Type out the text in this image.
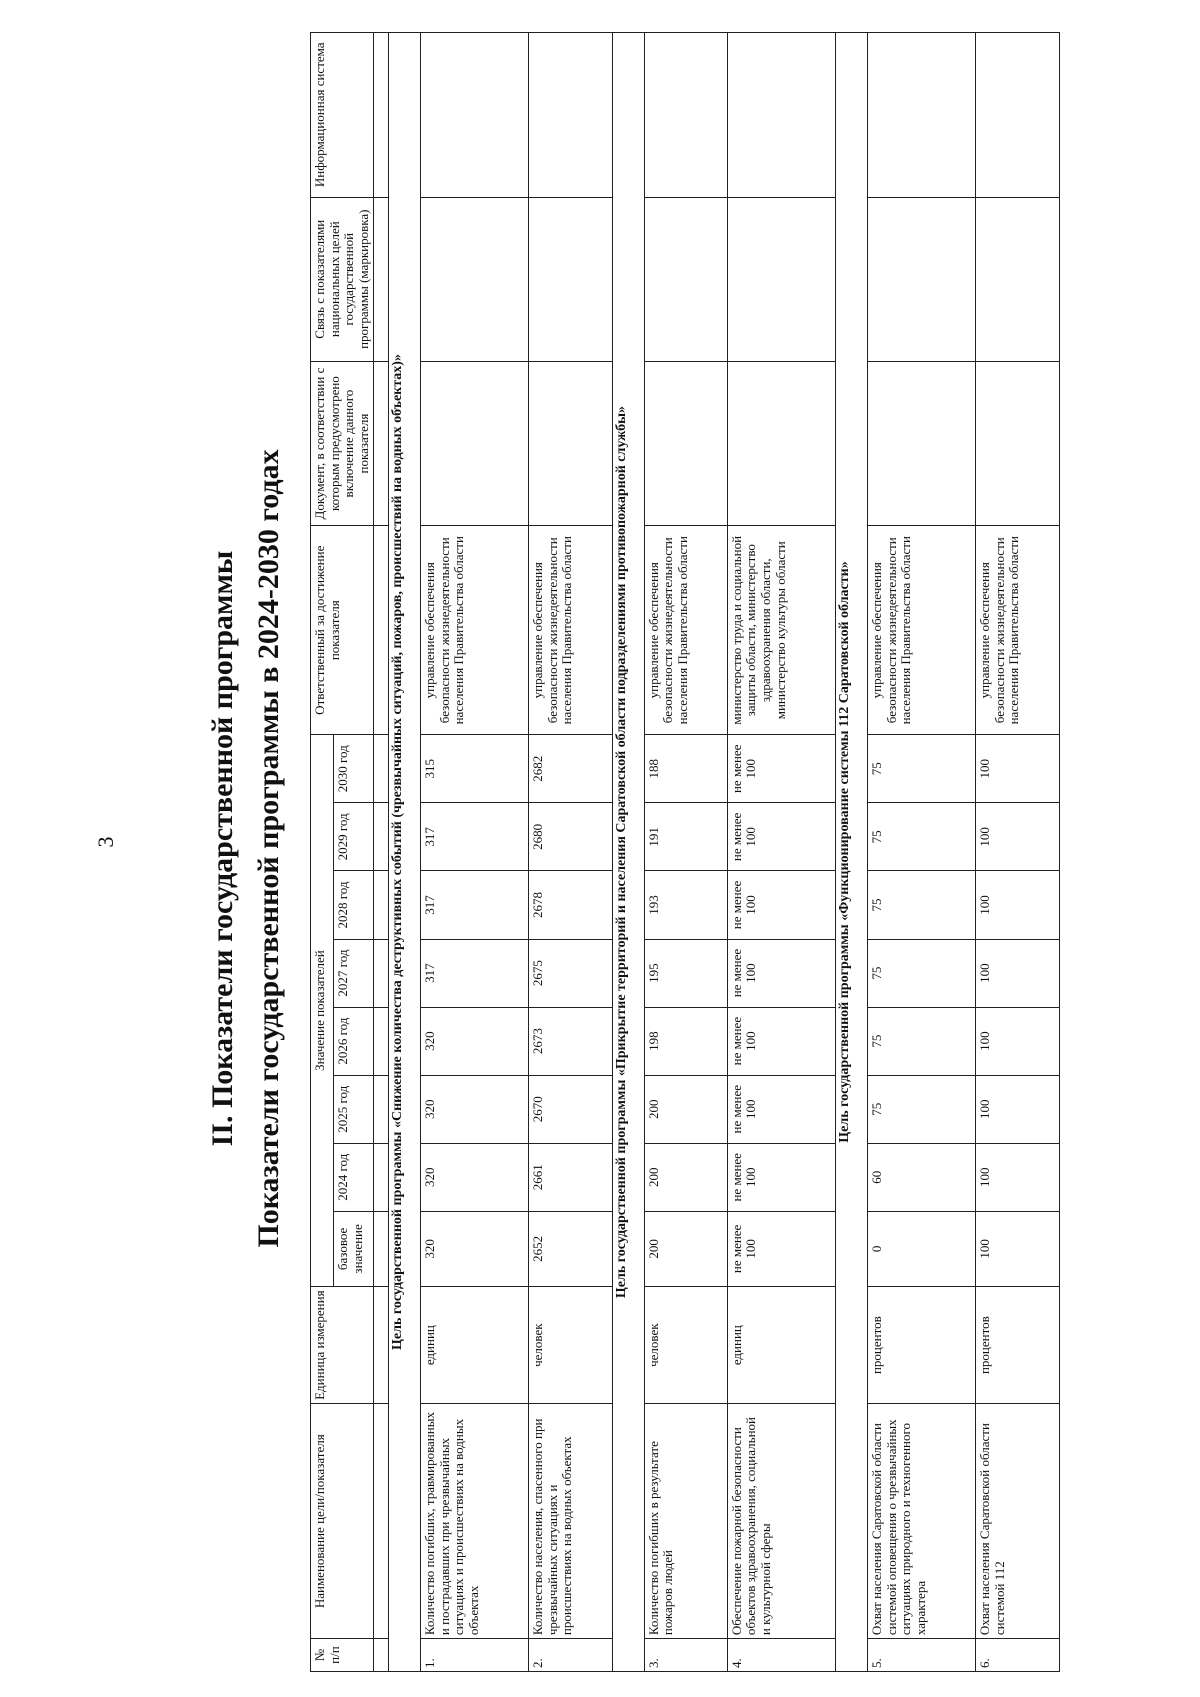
3	II. Показатели государственной программы Показатели государственной программы в 2024-2030 годах
№ п/п	Наименование цели/показателя	Единица измерения	Значение показателей								Ответственный за достижение показателя	Документ, в соответствии с которым предусмотрено включение данного показателя	Связь с показателями национальных целей государственной программы (маркировка)	Информационная система
			базовое значение	2024 год	2025 год	2026 год	2027 год	2028 год	2029 год	2030 год				

Цель государственной программы «Снижение количества деструктивных событий (чрезвычайных ситуаций, пожаров, происшествий на водных объектах)»														
1.	Количество погибших, травмированных и пострадавших при чрезвычайных ситуациях и происшествиях на водных объектах	единиц	320	320	320	320	317	317	317	315	управление обеспечения безопасности жизнедеятельности населения Правительства области			
2.	Количество населения, спасенного при чрезвычайных ситуациях и происшествиях на водных объектах	человек	2652	2661	2670	2673	2675	2678	2680	2682	управление обеспечения безопасности жизнедеятельности населения Правительства области			
Цель государственной программы «Прикрытие территорий и населения Саратовской области подразделениями противопожарной службы»														
3.	Количество погибших в результате пожаров людей	человек	200	200	200	198	195	193	191	188	управление обеспечения безопасности жизнедеятельности населения Правительства области			
4.	Обеспечение пожарной безопасности объектов здравоохранения, социальной и культурной сферы	единиц	не менее 100	не менее 100	не менее 100	не менее 100	не менее 100	не менее 100	не менее 100	не менее 100	министерство труда и социальной защиты области, министерство здравоохранения области, министерство культуры области			
Цель государственной программы «Функционирование системы 112 Саратовской области»														
5.	Охват населения Саратовской области системой оповещения о чрезвычайных ситуациях природного и техногенного характера	процентов	0	60	75	75	75	75	75	75	управление обеспечения безопасности жизнедеятельности населения Правительства области			
6.	Охват населения Саратовской области системой 112	процентов	100	100	100	100	100	100	100	100	управление обеспечения безопасности жизнедеятельности населения Правительства области			
